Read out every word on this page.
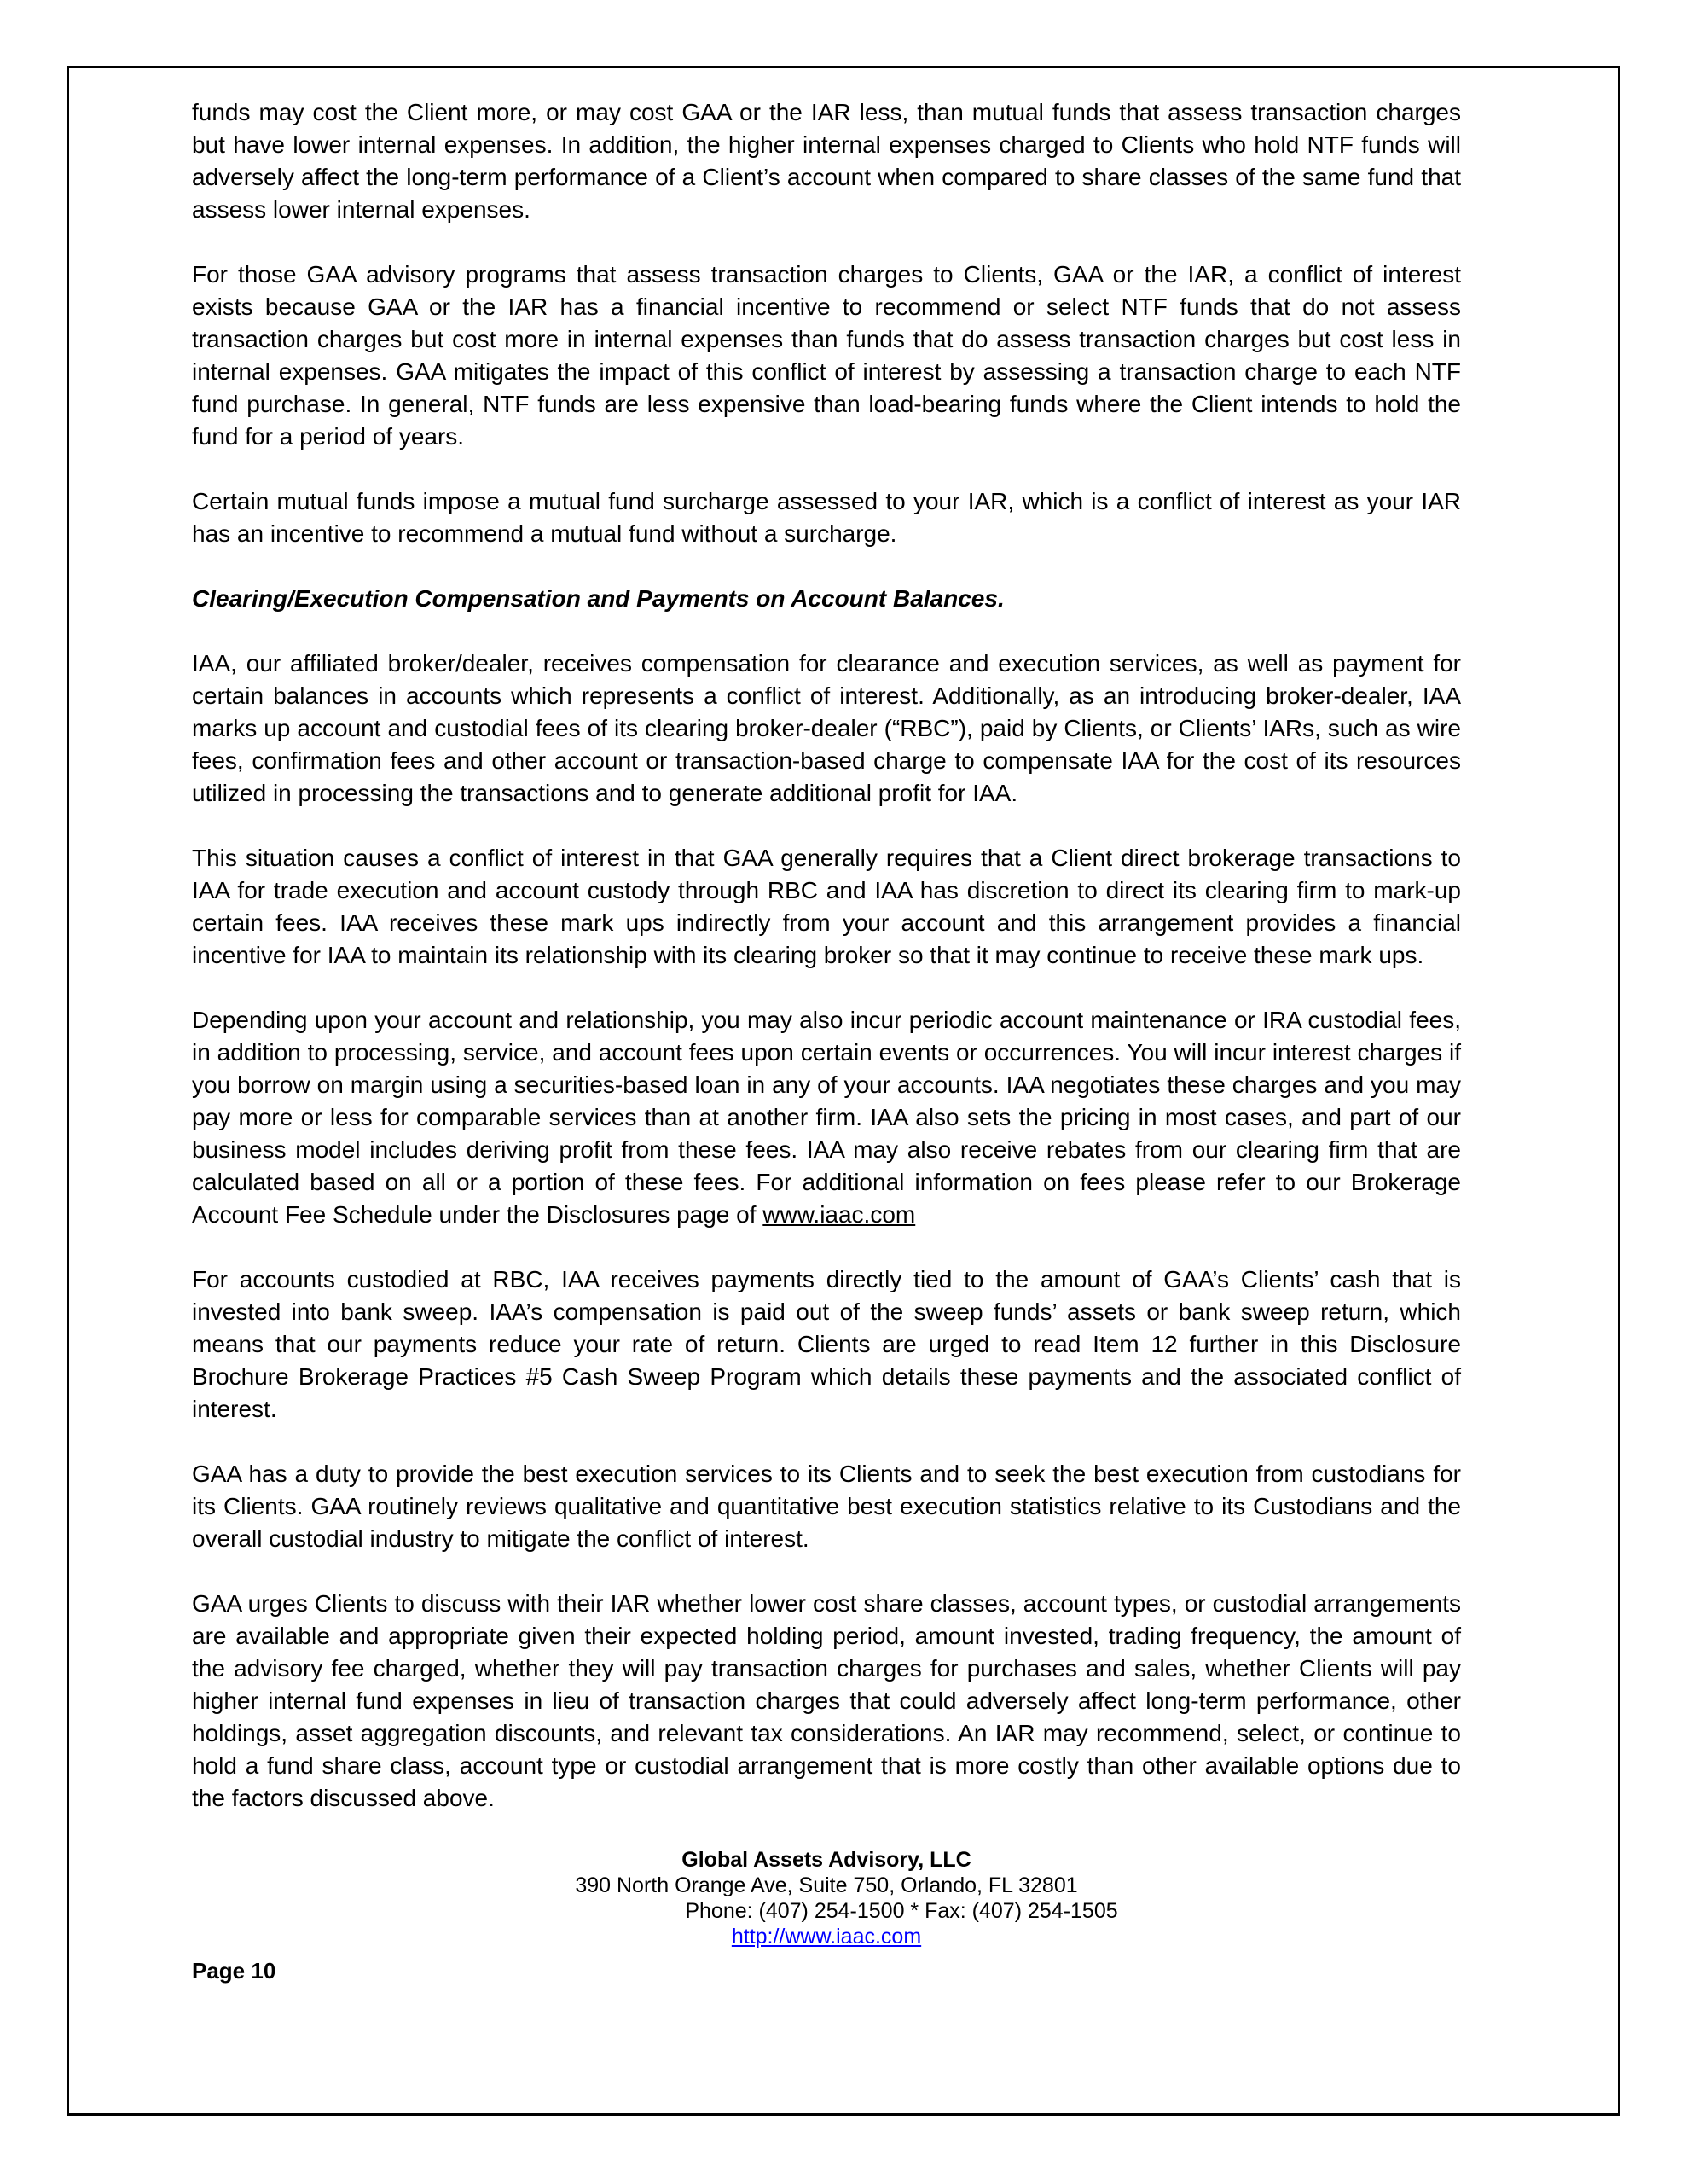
funds may cost the Client more, or may cost GAA or the IAR less, than mutual funds that assess transaction charges but have lower internal expenses. In addition, the higher internal expenses charged to Clients who hold NTF funds will adversely affect the long-term performance of a Client’s account when compared to share classes of the same fund that assess lower internal expenses.

For those GAA advisory programs that assess transaction charges to Clients, GAA or the IAR, a conflict of interest exists because GAA or the IAR has a financial incentive to recommend or select NTF funds that do not assess transaction charges but cost more in internal expenses than funds that do assess transaction charges but cost less in internal expenses. GAA mitigates the impact of this conflict of interest by assessing a transaction charge to each NTF fund purchase. In general, NTF funds are less expensive than load-bearing funds where the Client intends to hold the fund for a period of years.

Certain mutual funds impose a mutual fund surcharge assessed to your IAR, which is a conflict of interest as your IAR has an incentive to recommend a mutual fund without a surcharge.

Clearing/Execution Compensation and Payments on Account Balances.

IAA, our affiliated broker/dealer, receives compensation for clearance and execution services, as well as payment for certain balances in accounts which represents a conflict of interest. Additionally, as an introducing broker-dealer, IAA marks up account and custodial fees of its clearing broker-dealer (“RBC”), paid by Clients, or Clients’ IARs, such as wire fees, confirmation fees and other account or transaction-based charge to compensate IAA for the cost of its resources utilized in processing the transactions and to generate additional profit for IAA.

This situation causes a conflict of interest in that GAA generally requires that a Client direct brokerage transactions to IAA for trade execution and account custody through RBC and IAA has discretion to direct its clearing firm to mark-up certain fees. IAA receives these mark ups indirectly from your account and this arrangement provides a financial incentive for IAA to maintain its relationship with its clearing broker so that it may continue to receive these mark ups.

Depending upon your account and relationship, you may also incur periodic account maintenance or IRA custodial fees, in addition to processing, service, and account fees upon certain events or occurrences. You will incur interest charges if you borrow on margin using a securities-based loan in any of your accounts. IAA negotiates these charges and you may pay more or less for comparable services than at another firm. IAA also sets the pricing in most cases, and part of our business model includes deriving profit from these fees. IAA may also receive rebates from our clearing firm that are calculated based on all or a portion of these fees. For additional information on fees please refer to our Brokerage Account Fee Schedule under the Disclosures page of www.iaac.com

For accounts custodied at RBC, IAA receives payments directly tied to the amount of GAA’s Clients’ cash that is invested into bank sweep. IAA’s compensation is paid out of the sweep funds’ assets or bank sweep return, which means that our payments reduce your rate of return. Clients are urged to read Item 12 further in this Disclosure Brochure Brokerage Practices #5 Cash Sweep Program which details these payments and the associated conflict of interest.

GAA has a duty to provide the best execution services to its Clients and to seek the best execution from custodians for its Clients. GAA routinely reviews qualitative and quantitative best execution statistics relative to its Custodians and the overall custodial industry to mitigate the conflict of interest.

GAA urges Clients to discuss with their IAR whether lower cost share classes, account types, or custodial arrangements are available and appropriate given their expected holding period, amount invested, trading frequency, the amount of the advisory fee charged, whether they will pay transaction charges for purchases and sales, whether Clients will pay higher internal fund expenses in lieu of transaction charges that could adversely affect long-term performance, other holdings, asset aggregation discounts, and relevant tax considerations. An IAR may recommend, select, or continue to hold a fund share class, account type or custodial arrangement that is more costly than other available options due to the factors discussed above.

Global Assets Advisory, LLC
390 North Orange Ave, Suite 750, Orlando, FL 32801
Phone: (407) 254-1500 * Fax: (407) 254-1505
http://www.iaac.com
Page 10
